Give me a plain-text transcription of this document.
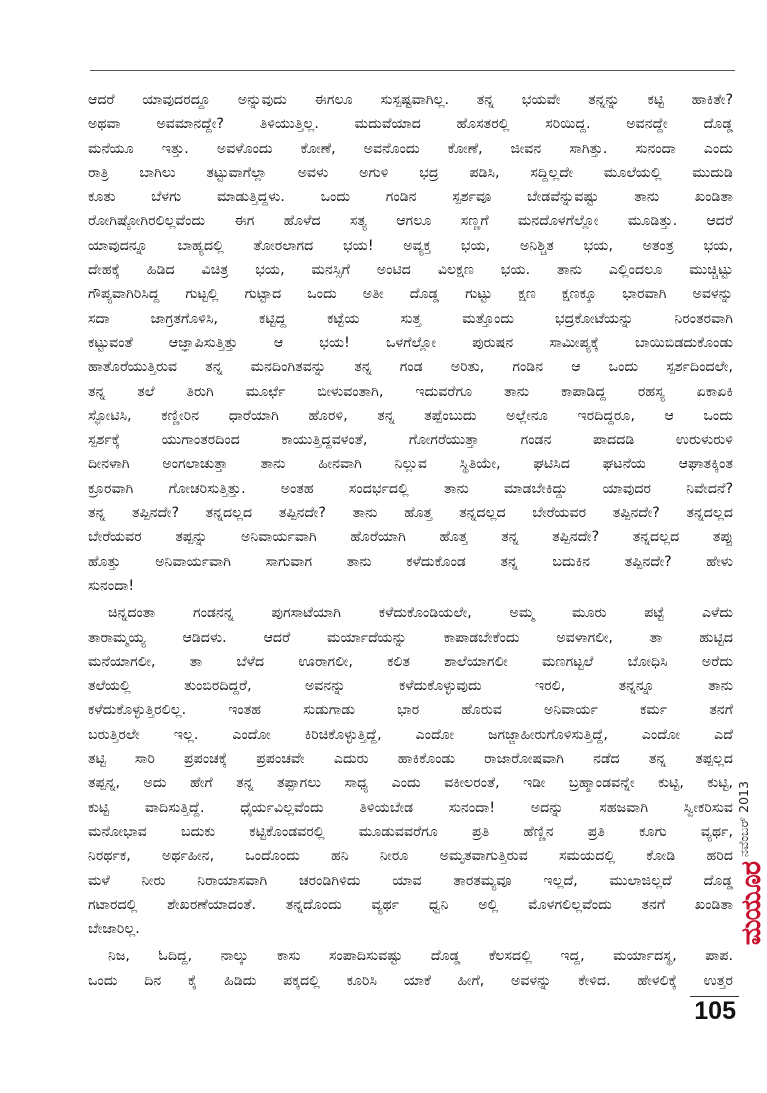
ಆದರೆ ಯಾವುದರದ್ದೂ ಅನ್ನುವುದು ಈಗಲೂ ಸುಸ್ಪಷ್ಟವಾಗಿಲ್ಲ. ತನ್ನ ಭಯವೇ ತನ್ನನ್ನು ಕಟ್ಟಿ ಹಾಕಿತೇ?
ಅಥವಾ ಅವಮಾನದ್ದೇ? ತಿಳಿಯುತ್ತಿಲ್ಲ. ಮದುವೆಯಾದ ಹೊಸತರಲ್ಲಿ ಸರಿಯಿದ್ದ. ಅವನದ್ದೇ ದೊಡ್ಡ
ಮನೆಯೂ ಇತ್ತು. ಅವಳೊಂದು ಕೋಣೆ, ಅವನೊಂದು ಕೋಣೆ, ಜೀವನ ಸಾಗಿತ್ತು. ಸುನಂದಾ ಎಂದು
ರಾತ್ರಿ ಬಾಗಿಲು ತಟ್ಟುವಾಗೆಲ್ಲಾ ಅವಳು ಅಗುಳಿ ಭದ್ರ ಪಡಿಸಿ, ಸದ್ದಿಲ್ಲದೇ ಮೂಲೆಯಲ್ಲಿ ಮುದುಡಿ
ಕೂತು ಬೆಳಗು ಮಾಡುತ್ತಿದ್ದಳು. ಒಂದು ಗಂಡಿನ ಸ್ಪರ್ಶವೂ ಬೇಡವೆನ್ನುವಷ್ಟು ತಾನು ಖಂಡಿತಾ
ರೋಗಿಷ್ಠೋಗಿರಲಿಲ್ಲವೆಂದು ಈಗ ಹೊಳೆದ ಸತ್ಯ ಆಗಲೂ ಸಣ್ಣಗೆ ಮನದೊಳಗೆಲ್ಲೋ ಮೂಡಿತ್ತು. ಆದರೆ
ಯಾವುದನ್ನೂ ಬಾಹ್ಯದಲ್ಲಿ ತೋರಲಾಗದ ಭಯ! ಅವ್ಯಕ್ತ ಭಯ, ಅನಿಶ್ಚಿತ ಭಯ, ಅತಂತ್ರ ಭಯ,
ದೇಹಕ್ಕೆ ಹಿಡಿದ ವಿಚಿತ್ರ ಭಯ, ಮನಸ್ಸಿಗೆ ಅಂಟಿದ ವಿಲಕ್ಷಣ ಭಯ. ತಾನು ಎಲ್ಲಿಂದಲೂ ಮುಚ್ಚಿಟ್ಟು
ಗೌಪ್ಯವಾಗಿರಿಸಿದ್ದ ಗುಟ್ಟಲ್ಲಿ ಗುಟ್ಟಾದ ಒಂದು ಅತೀ ದೊಡ್ಡ ಗುಟ್ಟು ಕ್ಷಣ ಕ್ಷಣಕ್ಕೂ ಭಾರವಾಗಿ ಅವಳನ್ನು
ಸದಾ ಜಾಗ್ರತಗೊಳಿಸಿ, ಕಟ್ಟಿದ್ದ ಕಟ್ಟೆಯ ಸುತ್ತ ಮತ್ತೊಂದು ಭದ್ರಕೋಟೆಯನ್ನು ನಿರಂತರವಾಗಿ
ಕಟ್ಟುವಂತೆ ಆಜ್ಞಾಪಿಸುತ್ತಿತ್ತು ಆ ಭಯ! ಒಳಗೆಲ್ಲೋ ಪುರುಷನ ಸಾಮೀಪ್ಯಕ್ಕೆ ಬಾಯಿಬಿಡದುಕೊಂಡು
ಹಾತೊರೆಯುತ್ತಿರುವ ತನ್ನ ಮನದಿಂಗಿತವನ್ನು ತನ್ನ ಗಂಡ ಅರಿತು, ಗಂಡಿನ ಆ ಒಂದು ಸ್ಪರ್ಶದಿಂದಲೇ,
ತನ್ನ ತಲೆ ತಿರುಗಿ ಮೂರ್ಛೆ ಬೀಳುವಂತಾಗಿ, ಇದುವರೆಗೂ ತಾನು ಕಾಪಾಡಿದ್ದ ರಹಸ್ಯ ಏಕಾಏಕಿ
ಸ್ಫೋಟಿಸಿ, ಕಣ್ಣೀರಿನ ಧಾರೆಯಾಗಿ ಹೊರಳಿ, ತನ್ನ ತಪ್ಪೆಂಬುದು ಅಲ್ಲೇನೂ ಇರದಿದ್ದರೂ, ಆ ಒಂದು
ಸ್ಪರ್ಶಕ್ಕೆ ಯುಗಾಂತರದಿಂದ ಕಾಯುತ್ತಿದ್ದವಳಂತೆ, ಗೋಗರೆಯುತ್ತಾ ಗಂಡನ ಪಾದದಡಿ ಉರುಳುರುಳಿ
ದೀನಳಾಗಿ ಅಂಗಲಾಚುತ್ತಾ ತಾನು ಹೀನವಾಗಿ ನಿಲ್ಲುವ ಸ್ಥಿತಿಯೇ, ಘಟಿಸಿದ ಘಟನೆಯ ಆಘಾತಕ್ಕಿಂತ
ಕ್ರೂರವಾಗಿ ಗೋಚರಿಸುತ್ತಿತ್ತು. ಅಂತಹ ಸಂದರ್ಭದಲ್ಲಿ ತಾನು ಮಾಡಬೇಕಿದ್ದು ಯಾವುದರ ನಿವೇದನೆ?
ತನ್ನ ತಪ್ಪಿನದೇ? ತನ್ನದಲ್ಲದ ತಪ್ಪಿನದೇ? ತಾನು ಹೊತ್ತ ತನ್ನದಲ್ಲದ ಬೇರೆಯವರ ತಪ್ಪಿನದೇ? ತನ್ನದಲ್ಲದ
ಬೇರೆಯವರ ತಪ್ಪನ್ನು ಅನಿವಾರ್ಯವಾಗಿ ಹೊರೆಯಾಗಿ ಹೊತ್ತ ತನ್ನ ತಪ್ಪಿನದೇ? ತನ್ನದಲ್ಲದ ತಪ್ಪು
ಹೊತ್ತು ಅನಿವಾರ್ಯವಾಗಿ ಸಾಗುವಾಗ ತಾನು ಕಳೆದುಕೊಂಡ ತನ್ನ ಬದುಕಿನ ತಪ್ಪಿನದೇ? ಹೇಳು
ಸುನಂದಾ!
ಚಿನ್ನದಂತಾ ಗಂಡನನ್ನ ಪುಗಸಾಟೆಯಾಗಿ ಕಳೆದುಕೊಂಡಿಯಲೇ, ಅಮ್ಮ ಮೂರು ಪಟ್ಟೆ ಎಳೆದು
ತಾರಾಮ್ಮಯ್ಯ ಆಡಿದಳು. ಆದರೆ ಮರ್ಯಾದೆಯನ್ನು ಕಾಪಾಡಬೇಕೆಂದು ಅವಳಾಗಲೀ, ತಾ ಹುಟ್ಟಿದ
ಮನೆಯಾಗಲೀ, ತಾ ಬೆಳೆದ ಊರಾಗಲೀ, ಕಲಿತ ಶಾಲೆಯಾಗಲೀ ಮಣಗಟ್ಟಲೆ ಬೋಧಿಸಿ ಅರೆದು
ತಲೆಯಲ್ಲಿ ತುಂಬಿರದಿದ್ದರೆ, ಅವನನ್ನು ಕಳೆದುಕೊಳ್ಳುವುದು ಇರಲಿ, ತನ್ನನ್ನೂ ತಾನು
ಕಳೆದುಕೊಳ್ಳುತ್ತಿರಲಿಲ್ಲ. ಇಂತಹ ಸುಡುಗಾಡು ಭಾರ ಹೊರುವ ಅನಿವಾರ್ಯ ಕರ್ಮ ತನಗೆ
ಬರುತ್ತಿರಲೇ ಇಲ್ಲ. ಎಂದೋ ಕಿರಿಚಿಕೊಳ್ಳುತ್ತಿದ್ದೆ, ಎಂದೋ ಜಗಜ್ಜಾಹೀರುಗೊಳಿಸುತ್ತಿದ್ದೆ, ಎಂದೋ ಎದೆ
ತಟ್ಟಿ ಸಾರಿ ಪ್ರಪಂಚಕ್ಕೆ ಪ್ರಪಂಚವೇ ಎದುರು ಹಾಕಿಕೊಂಡು ರಾಜಾರೋಷವಾಗಿ ನಡೆದ ತನ್ನ ತಪ್ಪಲ್ಲದ
ತಪ್ಪನ್ನ, ಅದು ಹೇಗೆ ತನ್ನ ತಪ್ಪಾಗಲು ಸಾಧ್ಯ ಎಂದು ವಕೀಲರಂತೆ, ಇಡೀ ಬ್ರಹ್ಮಾಂಡವನ್ನೇ ಕುಟ್ಟಿ, ಕುಟ್ಟಿ,
ಕುಟ್ಟಿ ವಾದಿಸುತ್ತಿದ್ದೆ. ಧೈರ್ಯವಿಲ್ಲವೆಂದು ತಿಳಿಯಬೇಡ ಸುನಂದಾ! ಅದನ್ನು ಸಹಜವಾಗಿ ಸ್ವೀಕರಿಸುವ
ಮನೋಭಾವ ಬದುಕು ಕಟ್ಟಿಕೊಂಡವರಲ್ಲಿ ಮೂಡುವವರೆಗೂ ಪ್ರತಿ ಹೆಣ್ಣಿನ ಪ್ರತಿ ಕೂಗು ವ್ಯರ್ಥ,
ನಿರರ್ಥಕ, ಅರ್ಥಹೀನ, ಒಂದೊಂದು ಹನಿ ನೀರೂ ಅಮೃತವಾಗುತ್ತಿರುವ ಸಮಯದಲ್ಲಿ ಕೋಡಿ ಹರಿದ
ಮಳೆ ನೀರು ನಿರಾಯಾಸವಾಗಿ ಚರಂಡಿಗಿಳಿದು ಯಾವ ತಾರತಮ್ಯವೂ ಇಲ್ಲದೆ, ಮುಲಾಜಿಲ್ಲದೆ ದೊಡ್ಡ
ಗಟಾರದಲ್ಲಿ ಶೇಖರಣೆಯಾದಂತೆ. ತನ್ನದೊಂದು ವ್ಯರ್ಥ ಧ್ವನಿ ಅಲ್ಲಿ ಮೊಳಗಲಿಲ್ಲವೆಂದು ತನಗೆ ಖಂಡಿತಾ
ಬೇಜಾರಿಲ್ಲ.
ನಿಜ, ಓದಿದ್ದ, ನಾಲ್ಕು ಕಾಸು ಸಂಪಾದಿಸುವಷ್ಟು ದೊಡ್ಡ ಕೆಲಸದಲ್ಲಿ ಇದ್ದ, ಮರ್ಯಾದಸ್ಥ, ಪಾಪ.
ಒಂದು ದಿನ ಕೈ ಹಿಡಿದು ಪಕ್ಕದಲ್ಲಿ ಕೂರಿಸಿ ಯಾಕೆ ಹೀಗೆ, ಅವಳನ್ನು ಕೇಳಿದ. ಹೇಳಲಿಕ್ಕೆ ಉತ್ತರ
ನವೆಂಬರ್ 2013
ಮಯೂರ
105
